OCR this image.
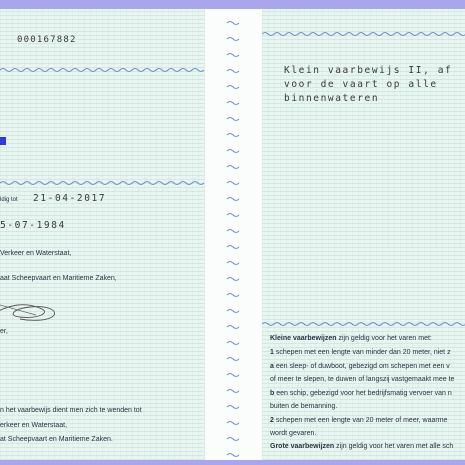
000167882
ldig tot 21-04-2017
5-07-1984
Verkeer en Waterstaat,
aat Scheepvaart en Maritieme Zaken,
er,
n het vaarbewijs dient men zich te wenden tot
erkeer en Waterstaat,
at Scheepvaart en Maritieme Zaken.
Klein vaarbewijs II, af
voor de vaart op alle
binnenwateren
Kleine vaarbewijzen zijn geldig voor het varen met:
1 schepen met een lengte van minder dan 20 meter, niet z
a een sleep- of duwboot, gebezigd om schepen met een v
of meer te slepen, te duwen of langszij vastgemaakt mee te
b een schip, gebezigd voor het bedrijfsmatig vervoer van n
buiten de bemanning.
2 schepen met een lengte van 20 meter of meer, waarme
wordt gevaren.
Grote vaarbewijzen zijn geldig voor het varen met alle sch
